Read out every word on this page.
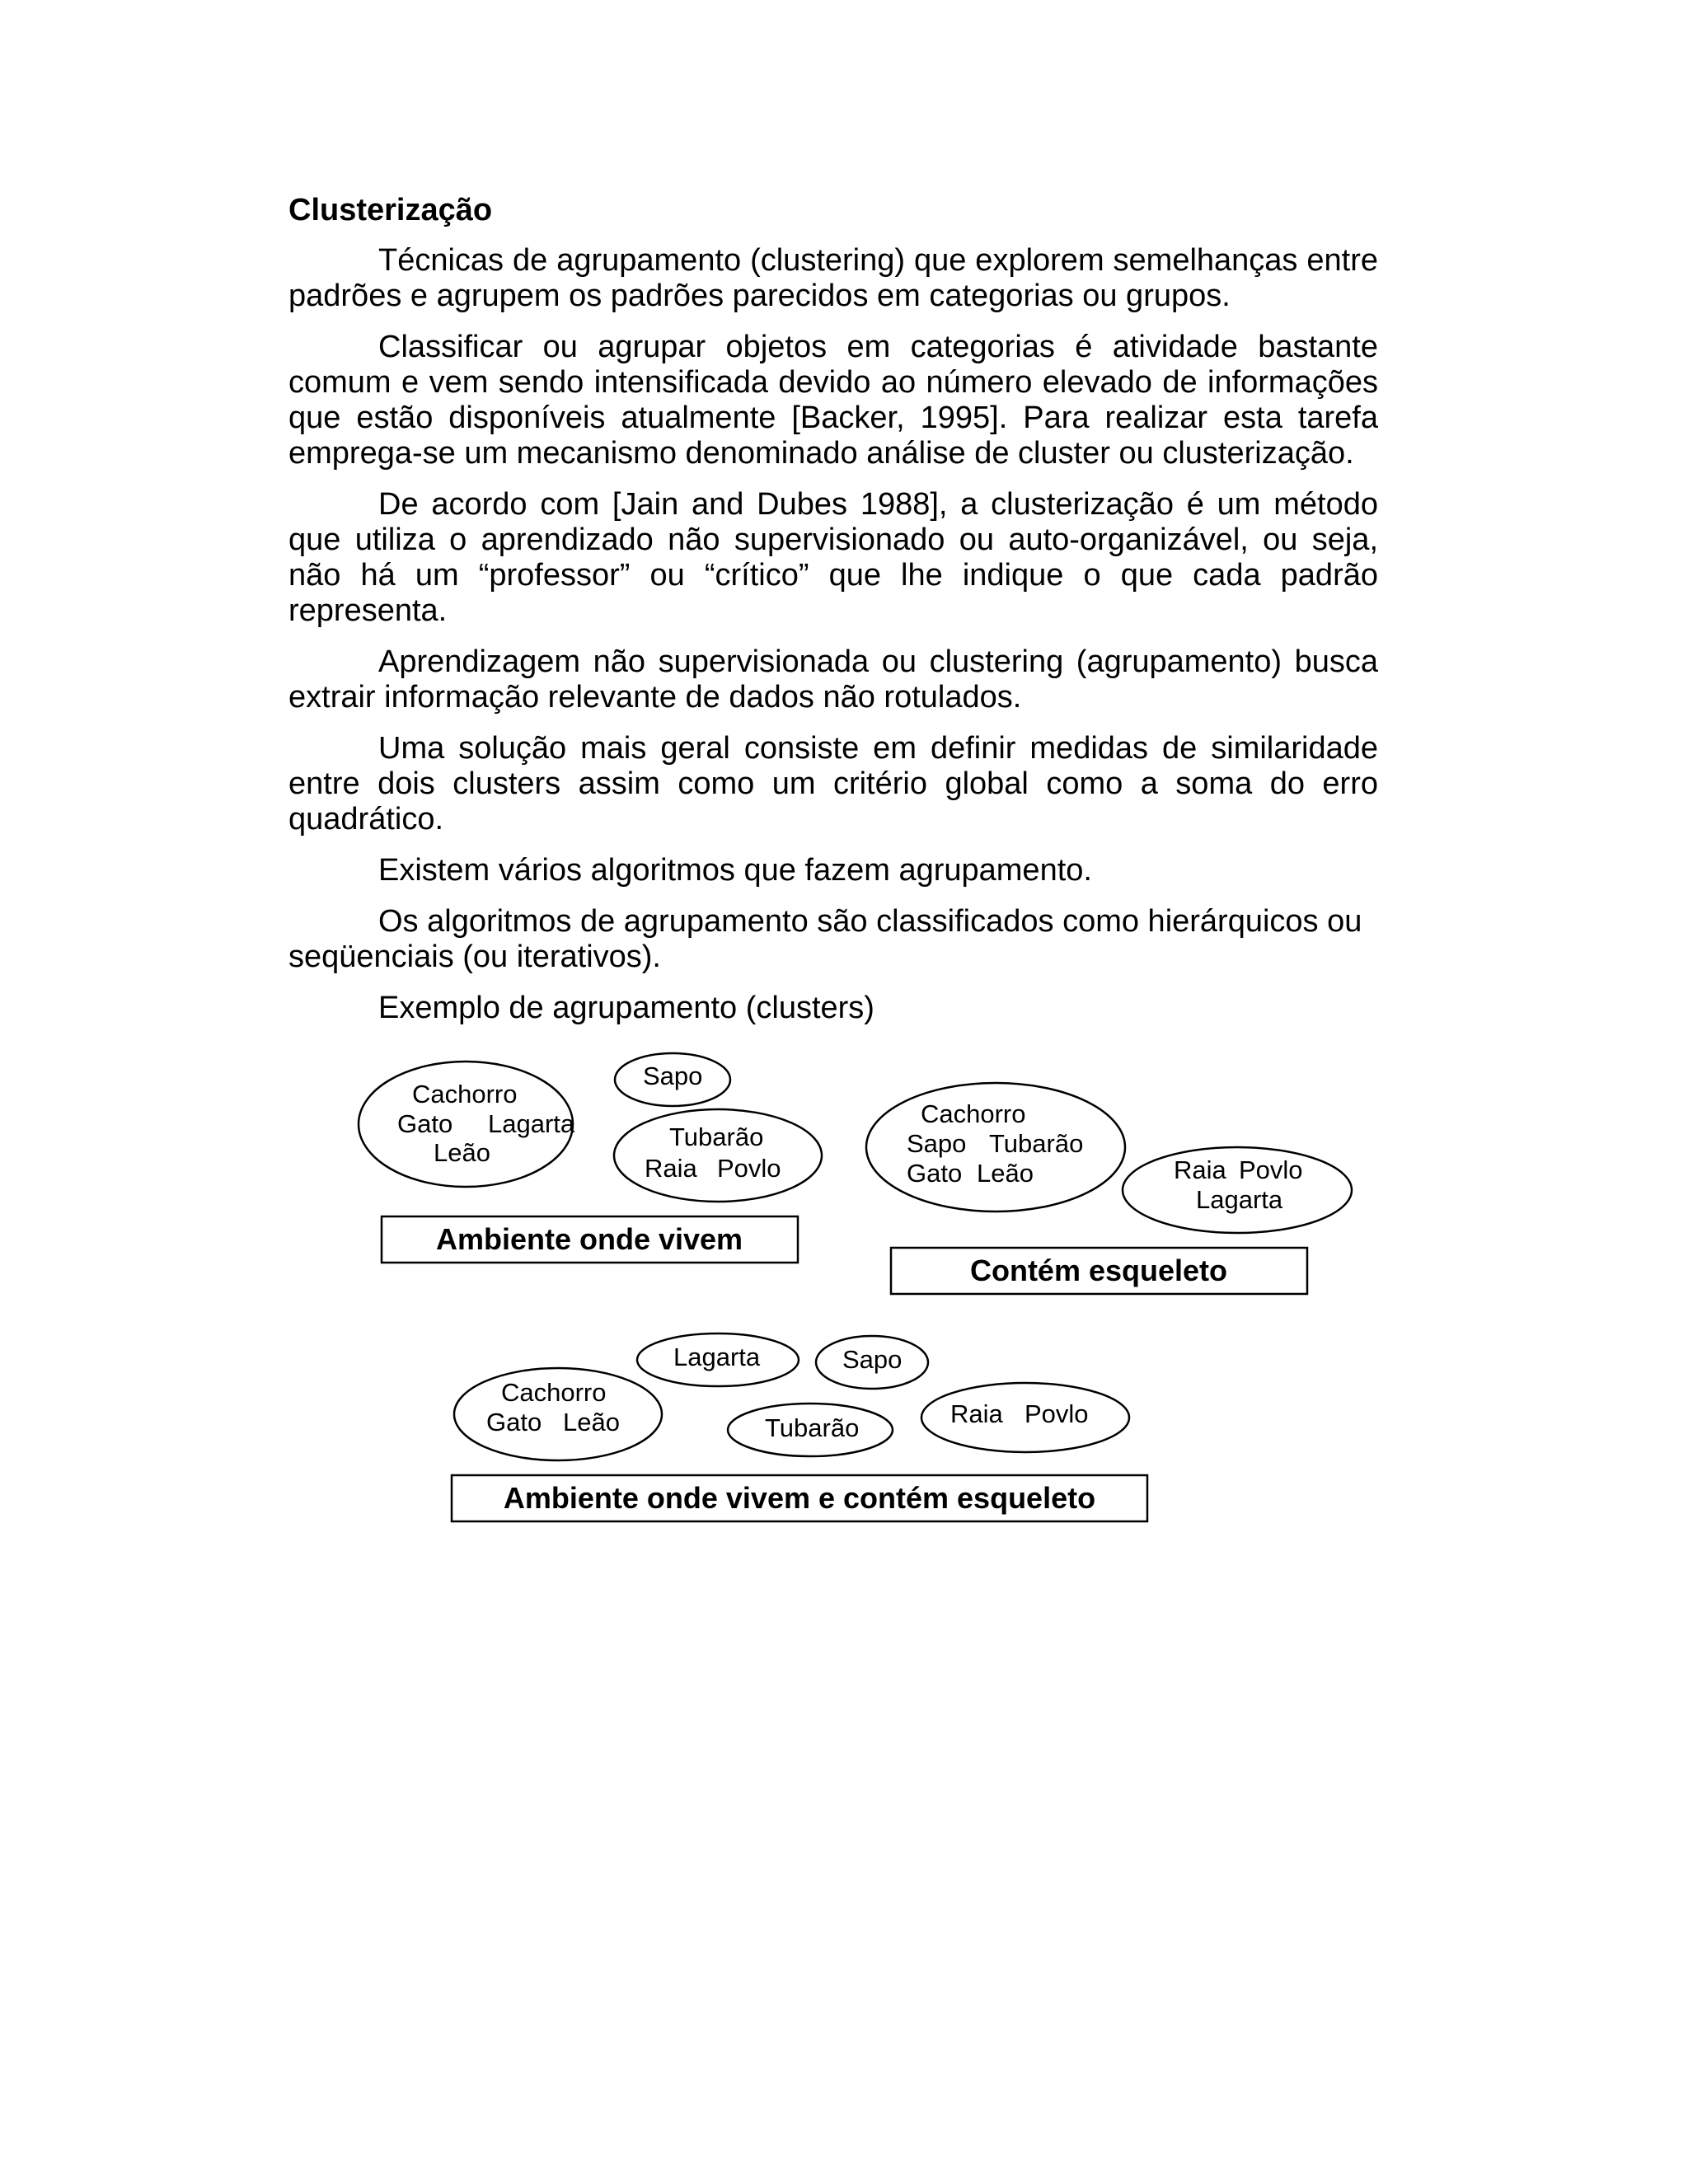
Clusterização

Técnicas de agrupamento (clustering) que explorem semelhanças entre padrões e agrupem os padrões parecidos em categorias ou grupos.

Classificar ou agrupar objetos em categorias é atividade bastante comum e vem sendo intensificada devido ao número elevado de informações que estão disponíveis atualmente [Backer, 1995]. Para realizar esta tarefa emprega-se um mecanismo denominado análise de cluster ou clusterização.

De acordo com [Jain and Dubes 1988], a clusterização é um método que utiliza o aprendizado não supervisionado ou auto-organizável, ou seja, não há um “professor” ou “crítico” que lhe indique o que cada padrão representa.

Aprendizagem não supervisionada ou clustering (agrupamento) busca extrair informação relevante de dados não rotulados.

Uma solução mais geral consiste em definir medidas de similaridade entre dois clusters assim como um critério global como a soma do erro quadrático.

Existem vários algoritmos que fazem agrupamento.

Os algoritmos de agrupamento são classificados como hierárquicos ou seqüenciais (ou iterativos).

Exemplo de agrupamento (clusters)

Cachorro
Gato Lagarta
Leão
Sapo
Tubarão
Raia Povlo
Ambiente onde vivem
Cachorro
Sapo Tubarão
Gato Leão	Raia Povlo
Lagarta
Contém esqueleto
Lagarta	Sapo
Cachorro
Gato Leão	Tubarão	Raia Povlo
Ambiente onde vivem e contém esqueleto
